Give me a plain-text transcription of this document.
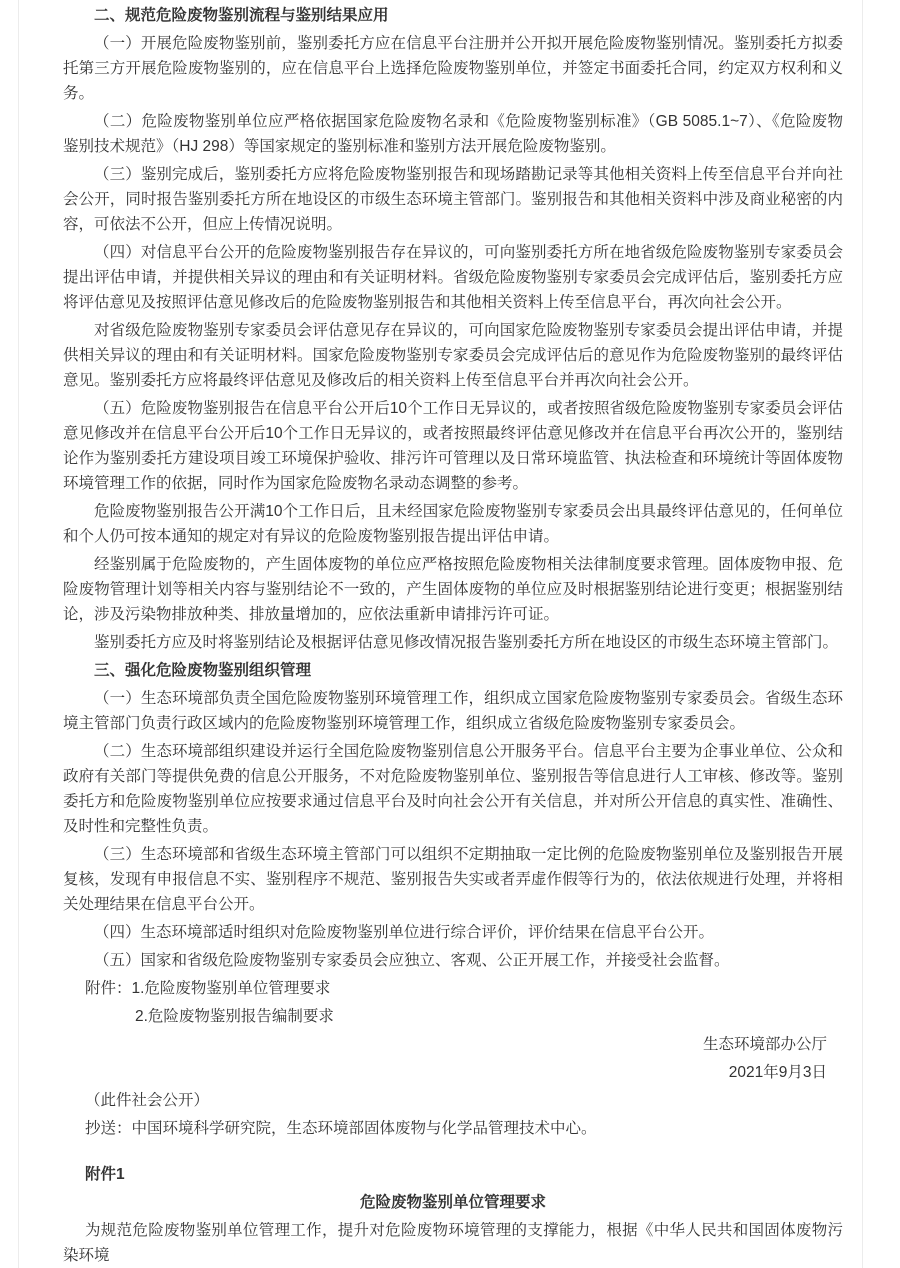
二、规范危险废物鉴别流程与鉴别结果应用

（一）开展危险废物鉴别前，鉴别委托方应在信息平台注册并公开拟开展危险废物鉴别情况。鉴别委托方拟委托第三方开展危险废物鉴别的，应在信息平台上选择危险废物鉴别单位，并签定书面委托合同，约定双方权利和义务。

（二）危险废物鉴别单位应严格依据国家危险废物名录和《危险废物鉴别标准》（GB 5085.1~7）、《危险废物鉴别技术规范》（HJ 298）等国家规定的鉴别标准和鉴别方法开展危险废物鉴别。

（三）鉴别完成后，鉴别委托方应将危险废物鉴别报告和现场踏勘记录等其他相关资料上传至信息平台并向社会公开，同时报告鉴别委托方所在地设区的市级生态环境主管部门。鉴别报告和其他相关资料中涉及商业秘密的内容，可依法不公开，但应上传情况说明。

（四）对信息平台公开的危险废物鉴别报告存在异议的，可向鉴别委托方所在地省级危险废物鉴别专家委员会提出评估申请，并提供相关异议的理由和有关证明材料。省级危险废物鉴别专家委员会完成评估后，鉴别委托方应将评估意见及按照评估意见修改后的危险废物鉴别报告和其他相关资料上传至信息平台，再次向社会公开。

对省级危险废物鉴别专家委员会评估意见存在异议的，可向国家危险废物鉴别专家委员会提出评估申请，并提供相关异议的理由和有关证明材料。国家危险废物鉴别专家委员会完成评估后的意见作为危险废物鉴别的最终评估意见。鉴别委托方应将最终评估意见及修改后的相关资料上传至信息平台并再次向社会公开。

（五）危险废物鉴别报告在信息平台公开后10个工作日无异议的，或者按照省级危险废物鉴别专家委员会评估意见修改并在信息平台公开后10个工作日无异议的，或者按照最终评估意见修改并在信息平台再次公开的，鉴别结论作为鉴别委托方建设项目竣工环境保护验收、排污许可管理以及日常环境监管、执法检查和环境统计等固体废物环境管理工作的依据，同时作为国家危险废物名录动态调整的参考。

危险废物鉴别报告公开满10个工作日后，且未经国家危险废物鉴别专家委员会出具最终评估意见的，任何单位和个人仍可按本通知的规定对有异议的危险废物鉴别报告提出评估申请。

经鉴别属于危险废物的，产生固体废物的单位应严格按照危险废物相关法律制度要求管理。固体废物申报、危险废物管理计划等相关内容与鉴别结论不一致的，产生固体废物的单位应及时根据鉴别结论进行变更；根据鉴别结论，涉及污染物排放种类、排放量增加的，应依法重新申请排污许可证。

鉴别委托方应及时将鉴别结论及根据评估意见修改情况报告鉴别委托方所在地设区的市级生态环境主管部门。

三、强化危险废物鉴别组织管理

（一）生态环境部负责全国危险废物鉴别环境管理工作，组织成立国家危险废物鉴别专家委员会。省级生态环境主管部门负责行政区域内的危险废物鉴别环境管理工作，组织成立省级危险废物鉴别专家委员会。

（二）生态环境部组织建设并运行全国危险废物鉴别信息公开服务平台。信息平台主要为企事业单位、公众和政府有关部门等提供免费的信息公开服务，不对危险废物鉴别单位、鉴别报告等信息进行人工审核、修改等。鉴别委托方和危险废物鉴别单位应按要求通过信息平台及时向社会公开有关信息，并对所公开信息的真实性、准确性、及时性和完整性负责。

（三）生态环境部和省级生态环境主管部门可以组织不定期抽取一定比例的危险废物鉴别单位及鉴别报告开展复核，发现有申报信息不实、鉴别程序不规范、鉴别报告失实或者弄虚作假等行为的，依法依规进行处理，并将相关处理结果在信息平台公开。

（四）生态环境部适时组织对危险废物鉴别单位进行综合评价，评价结果在信息平台公开。

（五）国家和省级危险废物鉴别专家委员会应独立、客观、公正开展工作，并接受社会监督。

附件：1.危险废物鉴别单位管理要求

2.危险废物鉴别报告编制要求

生态环境部办公厅

2021年9月3日

（此件社会公开）

抄送：中国环境科学研究院，生态环境部固体废物与化学品管理技术中心。

附件1

危险废物鉴别单位管理要求

为规范危险废物鉴别单位管理工作，提升对危险废物环境管理的支撑能力，根据《中华人民共和国固体废物污染环境
